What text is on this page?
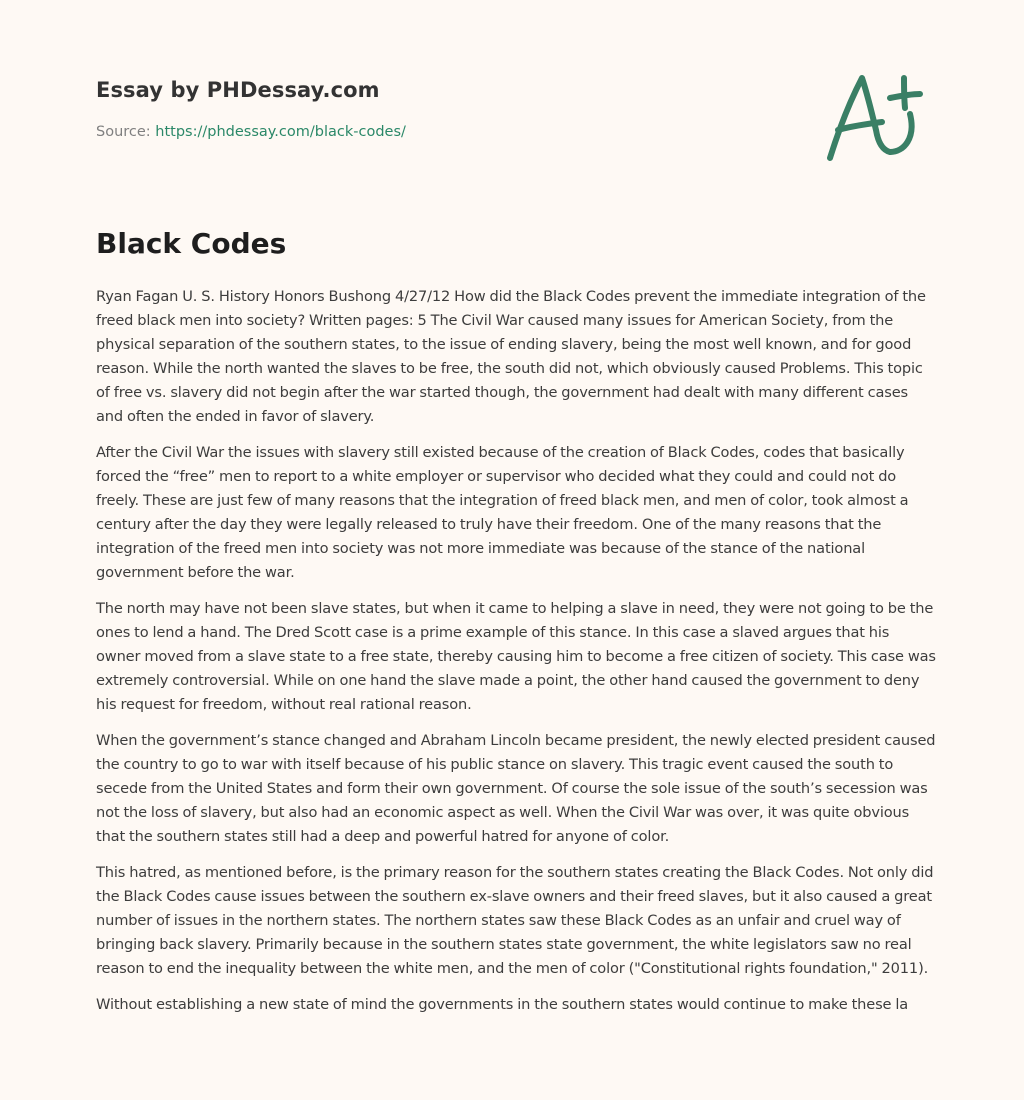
Essay by PHDessay.com
Source: https://phdessay.com/black-codes/
Black Codes

Ryan Fagan U. S. History Honors Bushong 4/27/12 How did the Black Codes prevent the immediate integration of the freed black men into society? Written pages: 5 The Civil War caused many issues for American Society, from the physical separation of the southern states, to the issue of ending slavery, being the most well known, and for good reason. While the north wanted the slaves to be free, the south did not, which obviously caused Problems. This topic of free vs. slavery did not begin after the war started though, the government had dealt with many different cases and often the ended in favor of slavery.

After the Civil War the issues with slavery still existed because of the creation of Black Codes, codes that basically forced the “free” men to report to a white employer or supervisor who decided what they could and could not do freely. These are just few of many reasons that the integration of freed black men, and men of color, took almost a century after the day they were legally released to truly have their freedom. One of the many reasons that the integration of the freed men into society was not more immediate was because of the stance of the national government before the war.

The north may have not been slave states, but when it came to helping a slave in need, they were not going to be the ones to lend a hand. The Dred Scott case is a prime example of this stance. In this case a slaved argues that his owner moved from a slave state to a free state, thereby causing him to become a free citizen of society. This case was extremely controversial. While on one hand the slave made a point, the other hand caused the government to deny his request for freedom, without real rational reason.

When the government’s stance changed and Abraham Lincoln became president, the newly elected president caused the country to go to war with itself because of his public stance on slavery. This tragic event caused the south to secede from the United States and form their own government. Of course the sole issue of the south’s secession was not the loss of slavery, but also had an economic aspect as well. When the Civil War was over, it was quite obvious that the southern states still had a deep and powerful hatred for anyone of color.

This hatred, as mentioned before, is the primary reason for the southern states creating the Black Codes. Not only did the Black Codes cause issues between the southern ex-slave owners and their freed slaves, but it also caused a great number of issues in the northern states. The northern states saw these Black Codes as an unfair and cruel way of bringing back slavery. Primarily because in the southern states state government, the white legislators saw no real reason to end the inequality between the white men, and the men of color ("Constitutional rights foundation," 2011).

Without establishing a new state of mind the governments in the southern states would continue to make these la
